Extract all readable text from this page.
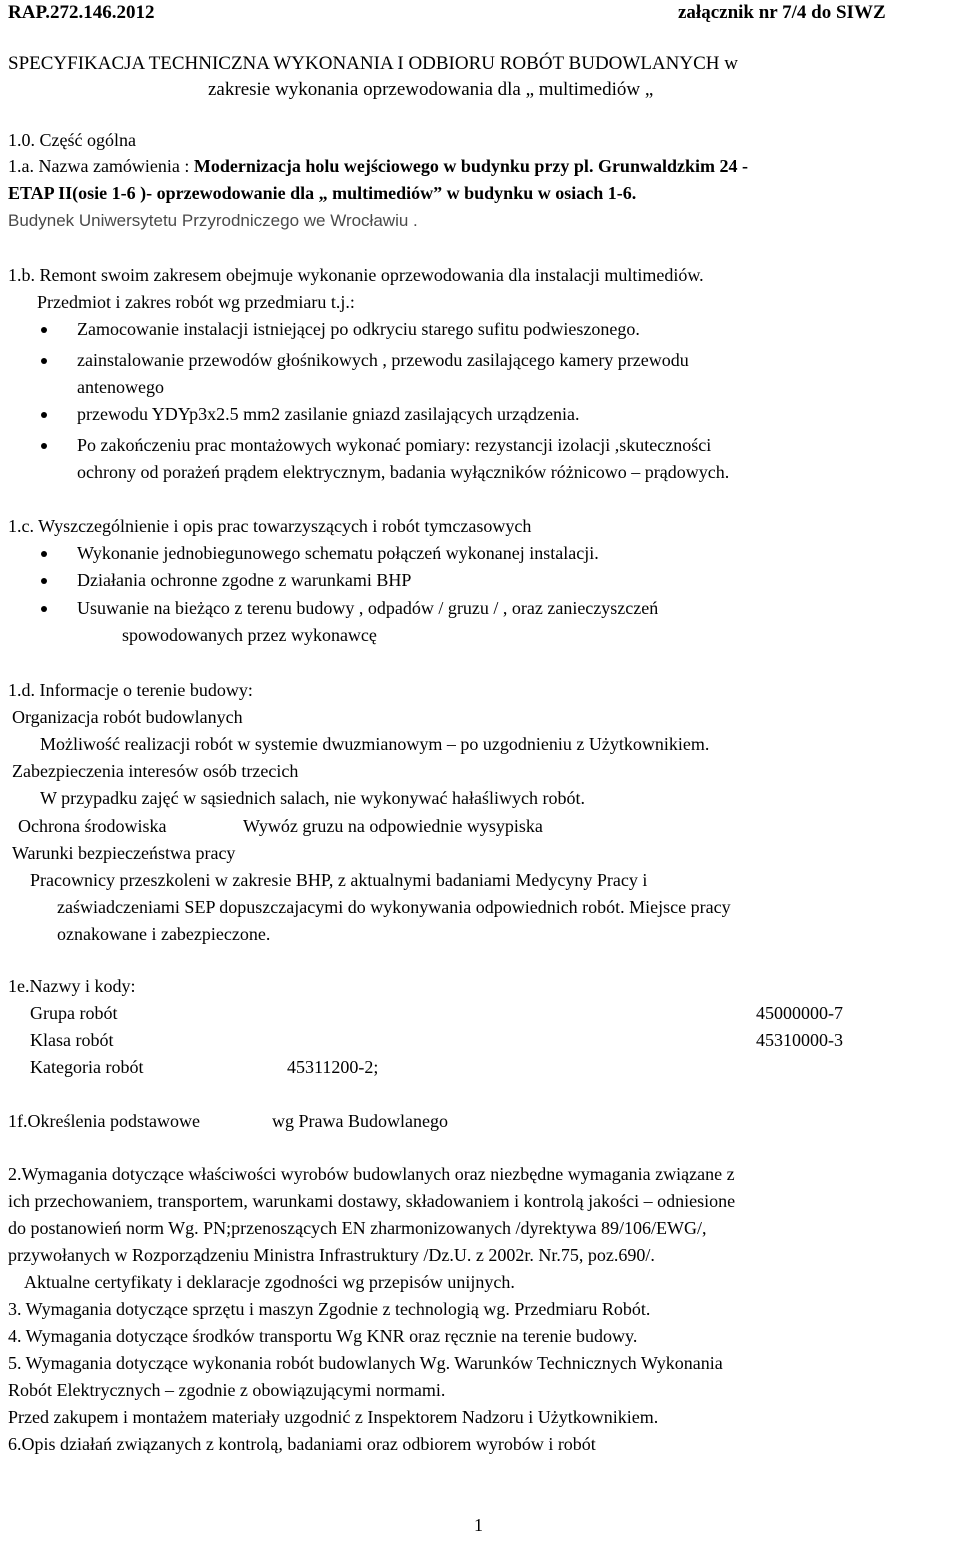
RAP.272.146.2012	załącznik nr 7/4 do SIWZ
SPECYFIKACJA TECHNICZNA WYKONANIA I ODBIORU ROBÓT BUDOWLANYCH w
zakresie wykonania oprzewodowania dla „ multimediów „
1.0. Część ogólna
1.a. Nazwa zamówienia : Modernizacja holu wejściowego w budynku przy pl. Grunwaldzkim 24 -
ETAP II(osie 1-6 )- oprzewodowanie dla „ multimediów” w budynku w osiach 1-6.
Budynek Uniwersytetu Przyrodniczego we Wrocławiu .
1.b. Remont swoim zakresem obejmuje wykonanie oprzewodowania dla instalacji multimediów.
Przedmiot i zakres robót wg przedmiaru t.j.:
Zamocowanie instalacji istniejącej po odkryciu starego sufitu podwieszonego.
zainstalowanie przewodów głośnikowych , przewodu zasilającego kamery przewodu
antenowego
przewodu YDYp3x2.5 mm2 zasilanie gniazd zasilających urządzenia.
Po zakończeniu prac montażowych wykonać pomiary: rezystancji izolacji ,skuteczności
ochrony od porażeń prądem elektrycznym, badania wyłączników różnicowo – prądowych.
1.c. Wyszczególnienie i opis prac towarzyszących i robót tymczasowych
Wykonanie jednobiegunowego schematu połączeń wykonanej instalacji.
Działania ochronne zgodne z warunkami BHP
Usuwanie na bieżąco z terenu budowy , odpadów / gruzu / , oraz zanieczyszczeń
spowodowanych przez wykonawcę
1.d. Informacje o terenie budowy:
Organizacja robót budowlanych
Możliwość realizacji robót w systemie dwuzmianowym – po uzgodnieniu z Użytkownikiem.
Zabezpieczenia interesów osób trzecich
W przypadku zajęć w sąsiednich salach, nie wykonywać hałaśliwych robót.
Ochrona środowiska	Wywóz gruzu na odpowiednie wysypiska
Warunki bezpieczeństwa pracy
Pracownicy przeszkoleni w zakresie BHP, z aktualnymi badaniami Medycyny Pracy i
zaświadczeniami SEP dopuszczajacymi do wykonywania odpowiednich robót. Miejsce pracy
oznakowane i zabezpieczone.
1e.Nazwy i kody:
Grupa robót	45000000-7
Klasa robót	45310000-3
Kategoria robót	45311200-2;
1f.Określenia podstawowe	wg Prawa Budowlanego
2.Wymagania dotyczące właściwości wyrobów budowlanych oraz niezbędne wymagania związane z
ich przechowaniem, transportem, warunkami dostawy, składowaniem i kontrolą jakości – odniesione
do postanowień norm Wg. PN;przenoszących EN zharmonizowanych /dyrektywa 89/106/EWG/,
przywołanych w Rozporządzeniu Ministra Infrastruktury /Dz.U. z 2002r. Nr.75, poz.690/.
Aktualne certyfikaty i deklaracje zgodności wg przepisów unijnych.
3. Wymagania dotyczące sprzętu i maszyn Zgodnie z technologią wg. Przedmiaru Robót.
4. Wymagania dotyczące środków transportu Wg KNR oraz ręcznie na terenie budowy.
5. Wymagania dotyczące wykonania robót budowlanych Wg. Warunków Technicznych Wykonania
Robót Elektrycznych – zgodnie z obowiązującymi normami.
Przed zakupem i montażem materiały uzgodnić z Inspektorem Nadzoru i Użytkownikiem.
6.Opis działań związanych z kontrolą, badaniami oraz odbiorem wyrobów i robót
1
